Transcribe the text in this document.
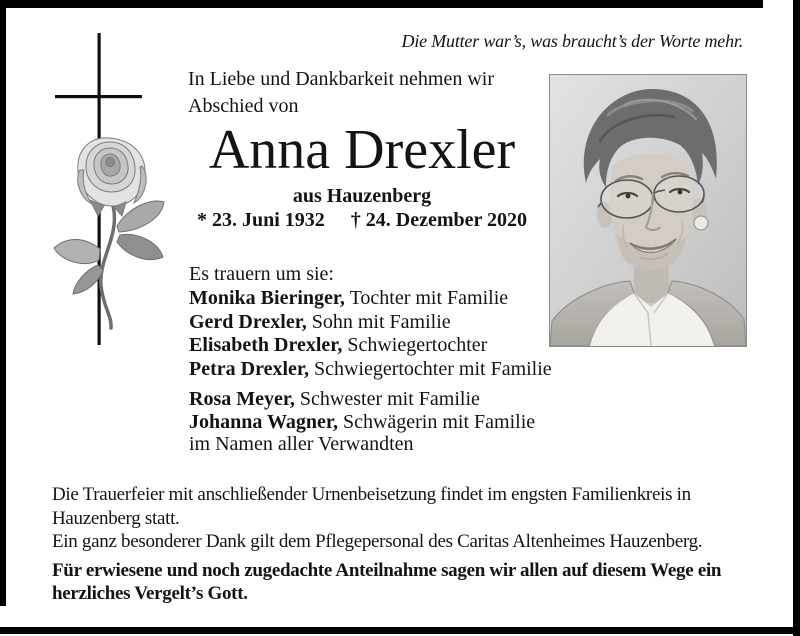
Die Mutter war’s, was braucht’s der Worte mehr.
In Liebe und Dankbarkeit nehmen wir
Abschied von
Anna Drexler
aus Hauzenberg
* 23. Juni 1932 † 24. Dezember 2020
Es trauern um sie:
Monika Bieringer, Tochter mit Familie
Gerd Drexler, Sohn mit Familie
Elisabeth Drexler, Schwiegertochter
Petra Drexler, Schwiegertochter mit Familie
Rosa Meyer, Schwester mit Familie
Johanna Wagner, Schwägerin mit Familie
im Namen aller Verwandten
Die Trauerfeier mit anschließender Urnenbeisetzung findet im engsten Familienkreis in
Hauzenberg statt.
Ein ganz besonderer Dank gilt dem Pflegepersonal des Caritas Altenheimes Hauzenberg.
Für erwiesene und noch zugedachte Anteilnahme sagen wir allen auf diesem Wege ein
herzliches Vergelt’s Gott.
